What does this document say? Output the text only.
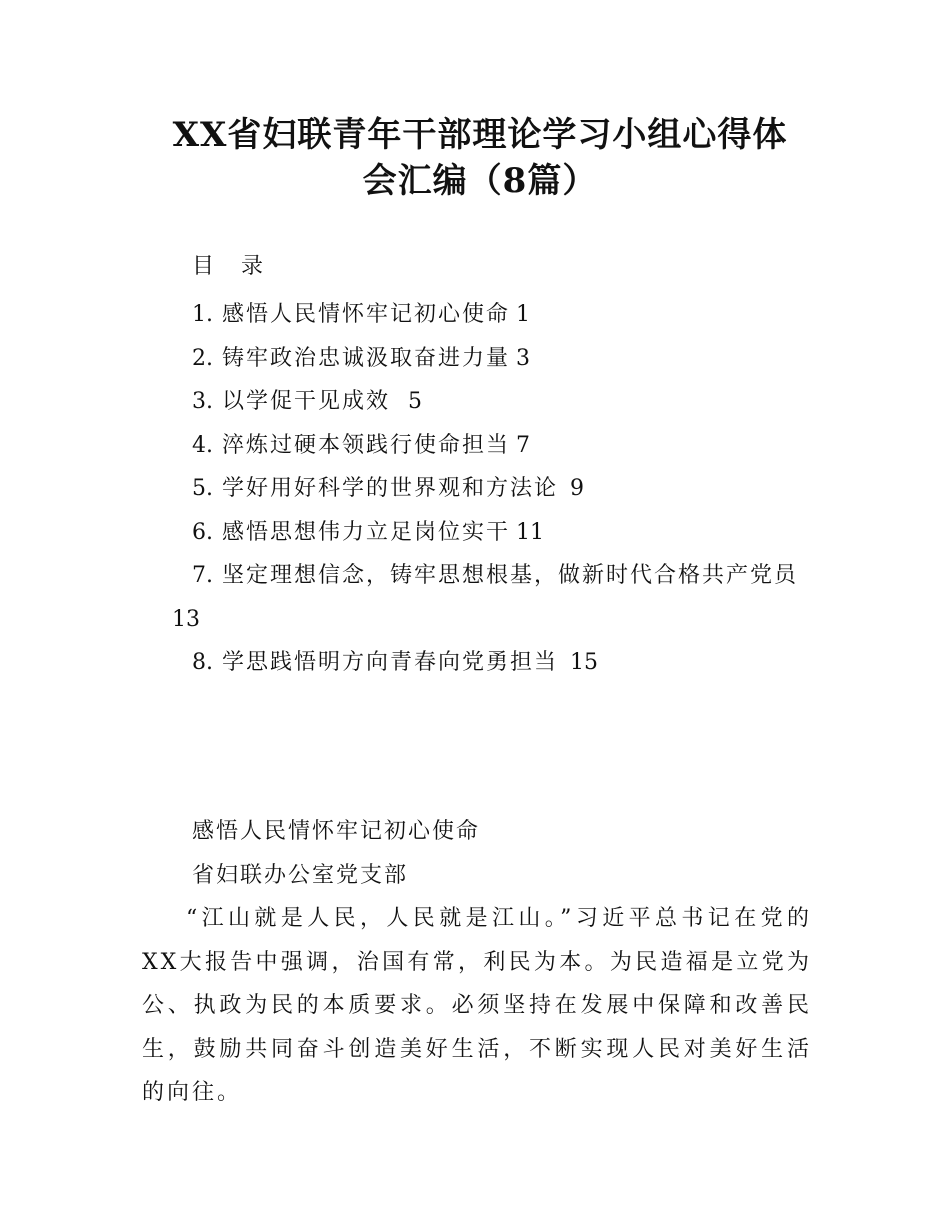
XX省妇联青年干部理论学习小组心得体
会汇编（8篇）
目 录
1. 感悟人民情怀牢记初心使命 1
2. 铸牢政治忠诚汲取奋进力量 3
3. 以学促干见成效 5
4. 淬炼过硬本领践行使命担当 7
5. 学好用好科学的世界观和方法论 9
6. 感悟思想伟力立足岗位实干 11
7. 坚定理想信念，铸牢思想根基，做新时代合格共产党员13
8. 学思践悟明方向青春向党勇担当 15

感悟人民情怀牢记初心使命

省妇联办公室党支部

“江山就是人民，人民就是江山。”习近平总书记在党的XX大报告中强调，治国有常，利民为本。为民造福是立党为公、执政为民的本质要求。必须坚持在发展中保障和改善民生，鼓励共同奋斗创造美好生活，不断实现人民对美好生活的向往。
